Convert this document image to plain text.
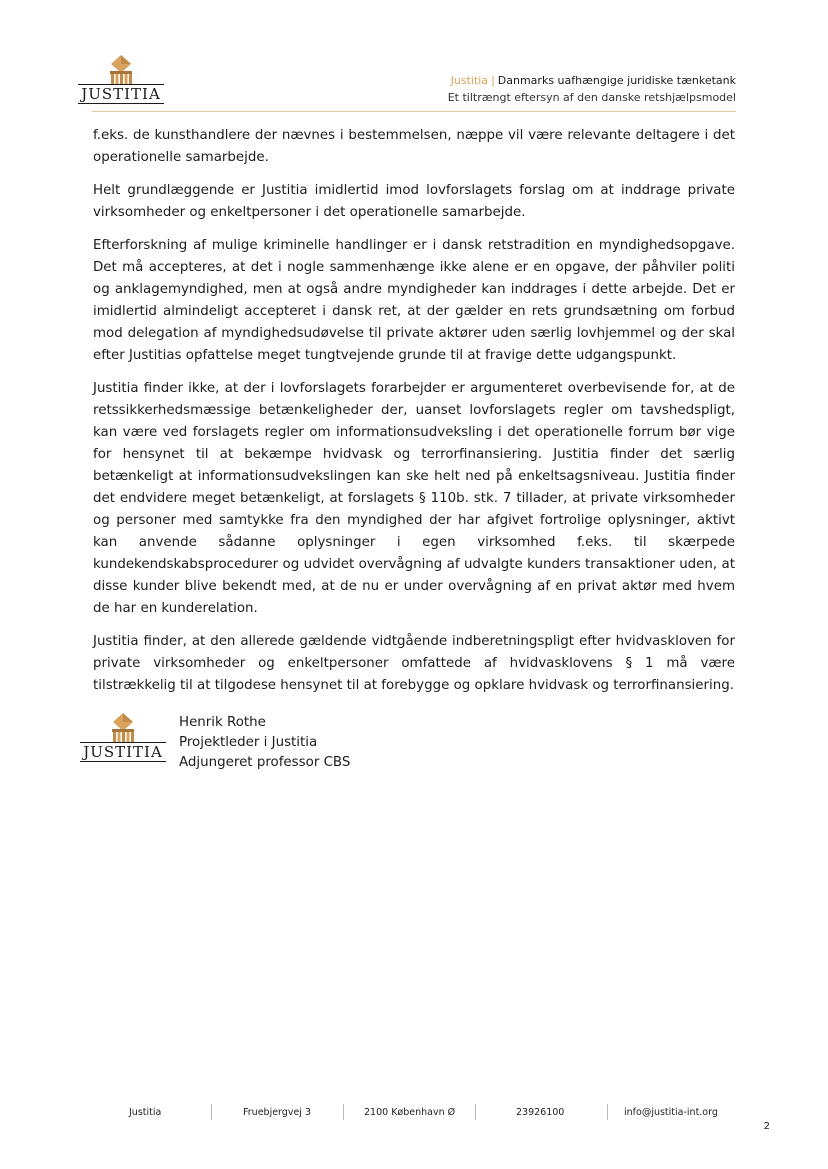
JUSTITIA
Justitia | Danmarks uafhængige juridiske tænketank
Et tiltrængt eftersyn af den danske retshjælpsmodel

f.eks. de kunsthandlere der nævnes i bestemmelsen, næppe vil være relevante deltagere i det operationelle samarbejde.

Helt grundlæggende er Justitia imidlertid imod lovforslagets forslag om at inddrage private virksomheder og enkeltpersoner i det operationelle samarbejde.

Efterforskning af mulige kriminelle handlinger er i dansk retstradition en myndighedsopgave. Det må accepteres, at det i nogle sammenhænge ikke alene er en opgave, der påhviler politi og anklagemyndighed, men at også andre myndigheder kan inddrages i dette arbejde. Det er imidlertid almindeligt accepteret i dansk ret, at der gælder en rets grundsætning om forbud mod delegation af myndighedsudøvelse til private aktører uden særlig lovhjemmel og der skal efter Justitias opfattelse meget tungtvejende grunde til at fravige dette udgangspunkt.

Justitia finder ikke, at der i lovforslagets forarbejder er argumenteret overbevisende for, at de retssikkerhedsmæssige betænkeligheder der, uanset lovforslagets regler om tavshedspligt, kan være ved forslagets regler om informationsudveksling i det operationelle forrum bør vige for hensynet til at bekæmpe hvidvask og terrorfinansiering. Justitia finder det særlig betænkeligt at informationsudvekslingen kan ske helt ned på enkeltsagsniveau. Justitia finder det endvidere meget betænkeligt, at forslagets § 110b. stk. 7 tillader, at private virksomheder og personer med samtykke fra den myndighed der har afgivet fortrolige oplysninger, aktivt kan anvende sådanne oplysninger i egen virksomhed f.eks. til skærpede kundekendskabsprocedurer og udvidet overvågning af udvalgte kunders transaktioner uden, at disse kunder blive bekendt med, at de nu er under overvågning af en privat aktør med hvem de har en kunderelation.

Justitia finder, at den allerede gældende vidtgående indberetningspligt efter hvidvaskloven for private virksomheder og enkeltpersoner omfattede af hvidvasklovens § 1 må være tilstrækkelig til at tilgodese hensynet til at forebygge og opklare hvidvask og terrorfinansiering.

JUSTITIA
Henrik Rothe
Projektleder i Justitia
Adjungeret professor CBS
Justitia	Fruebjergvej 3	2100 København Ø	23926100	info@justitia-int.org
2
